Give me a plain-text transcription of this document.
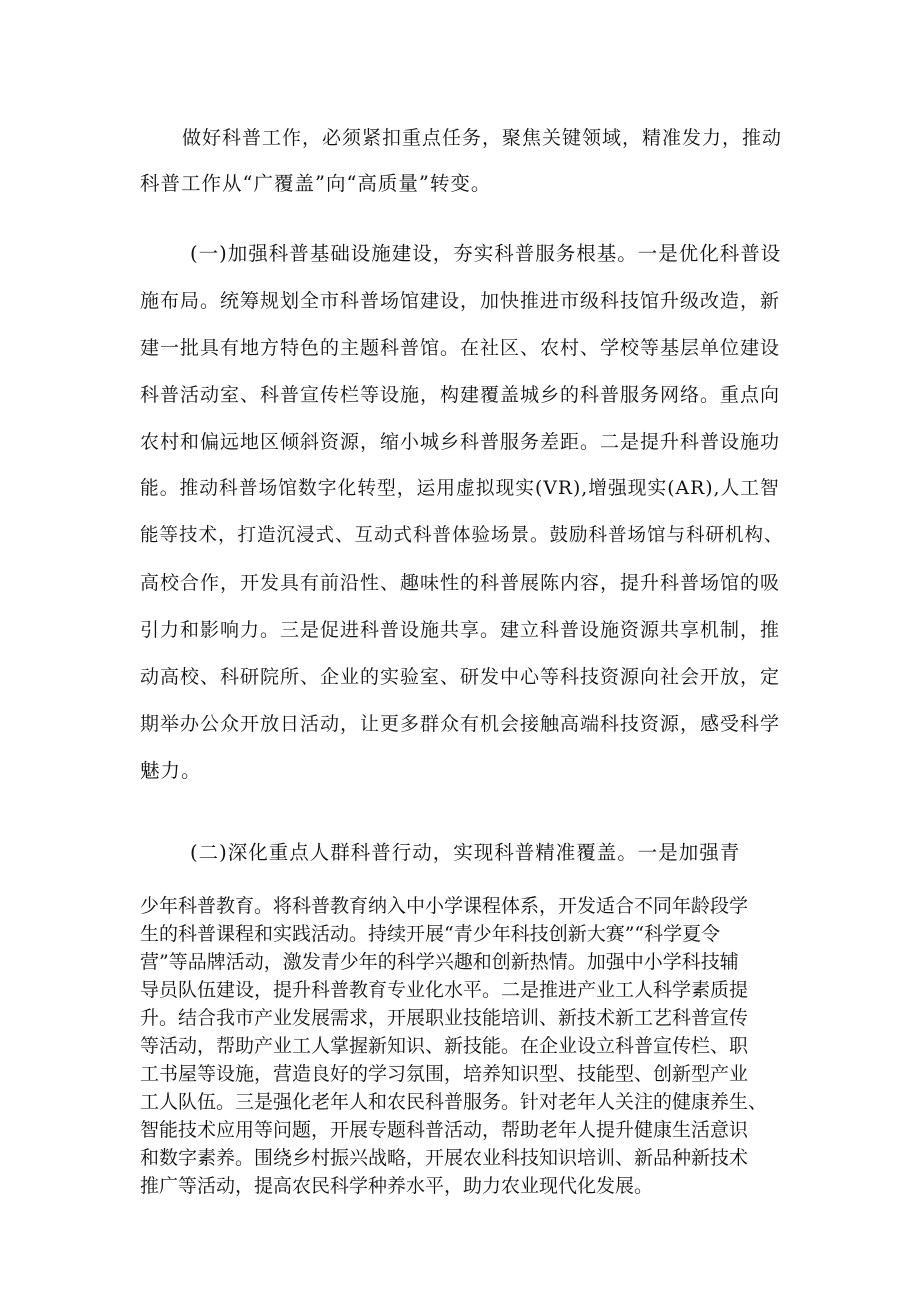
做好科普工作，必须紧扣重点任务，聚焦关键领域，精准发力，推动
科普工作从“广覆盖”向“高质量”转变。
(一)加强科普基础设施建设，夯实科普服务根基。一是优化科普设
施布局。统筹规划全市科普场馆建设，加快推进市级科技馆升级改造，新
建一批具有地方特色的主题科普馆。在社区、农村、学校等基层单位建设
科普活动室、科普宣传栏等设施，构建覆盖城乡的科普服务网络。重点向
农村和偏远地区倾斜资源，缩小城乡科普服务差距。二是提升科普设施功
能。推动科普场馆数字化转型，运用虚拟现实(VR),增强现实(AR),人工智
能等技术，打造沉浸式、互动式科普体验场景。鼓励科普场馆与科研机构、
高校合作，开发具有前沿性、趣味性的科普展陈内容，提升科普场馆的吸
引力和影响力。三是促进科普设施共享。建立科普设施资源共享机制，推
动高校、科研院所、企业的实验室、研发中心等科技资源向社会开放，定
期举办公众开放日活动，让更多群众有机会接触高端科技资源，感受科学
魅力。
(二)深化重点人群科普行动，实现科普精准覆盖。一是加强青
少年科普教育。将科普教育纳入中小学课程体系，开发适合不同年龄段学
生的科普课程和实践活动。持续开展“青少年科技创新大赛”“科学夏令
营”等品牌活动，激发青少年的科学兴趣和创新热情。加强中小学科技辅
导员队伍建设，提升科普教育专业化水平。二是推进产业工人科学素质提
升。结合我市产业发展需求，开展职业技能培训、新技术新工艺科普宣传
等活动，帮助产业工人掌握新知识、新技能。在企业设立科普宣传栏、职
工书屋等设施，营造良好的学习氛围，培养知识型、技能型、创新型产业
工人队伍。三是强化老年人和农民科普服务。针对老年人关注的健康养生、
智能技术应用等问题，开展专题科普活动，帮助老年人提升健康生活意识
和数字素养。围绕乡村振兴战略，开展农业科技知识培训、新品种新技术
推广等活动，提高农民科学种养水平，助力农业现代化发展。
